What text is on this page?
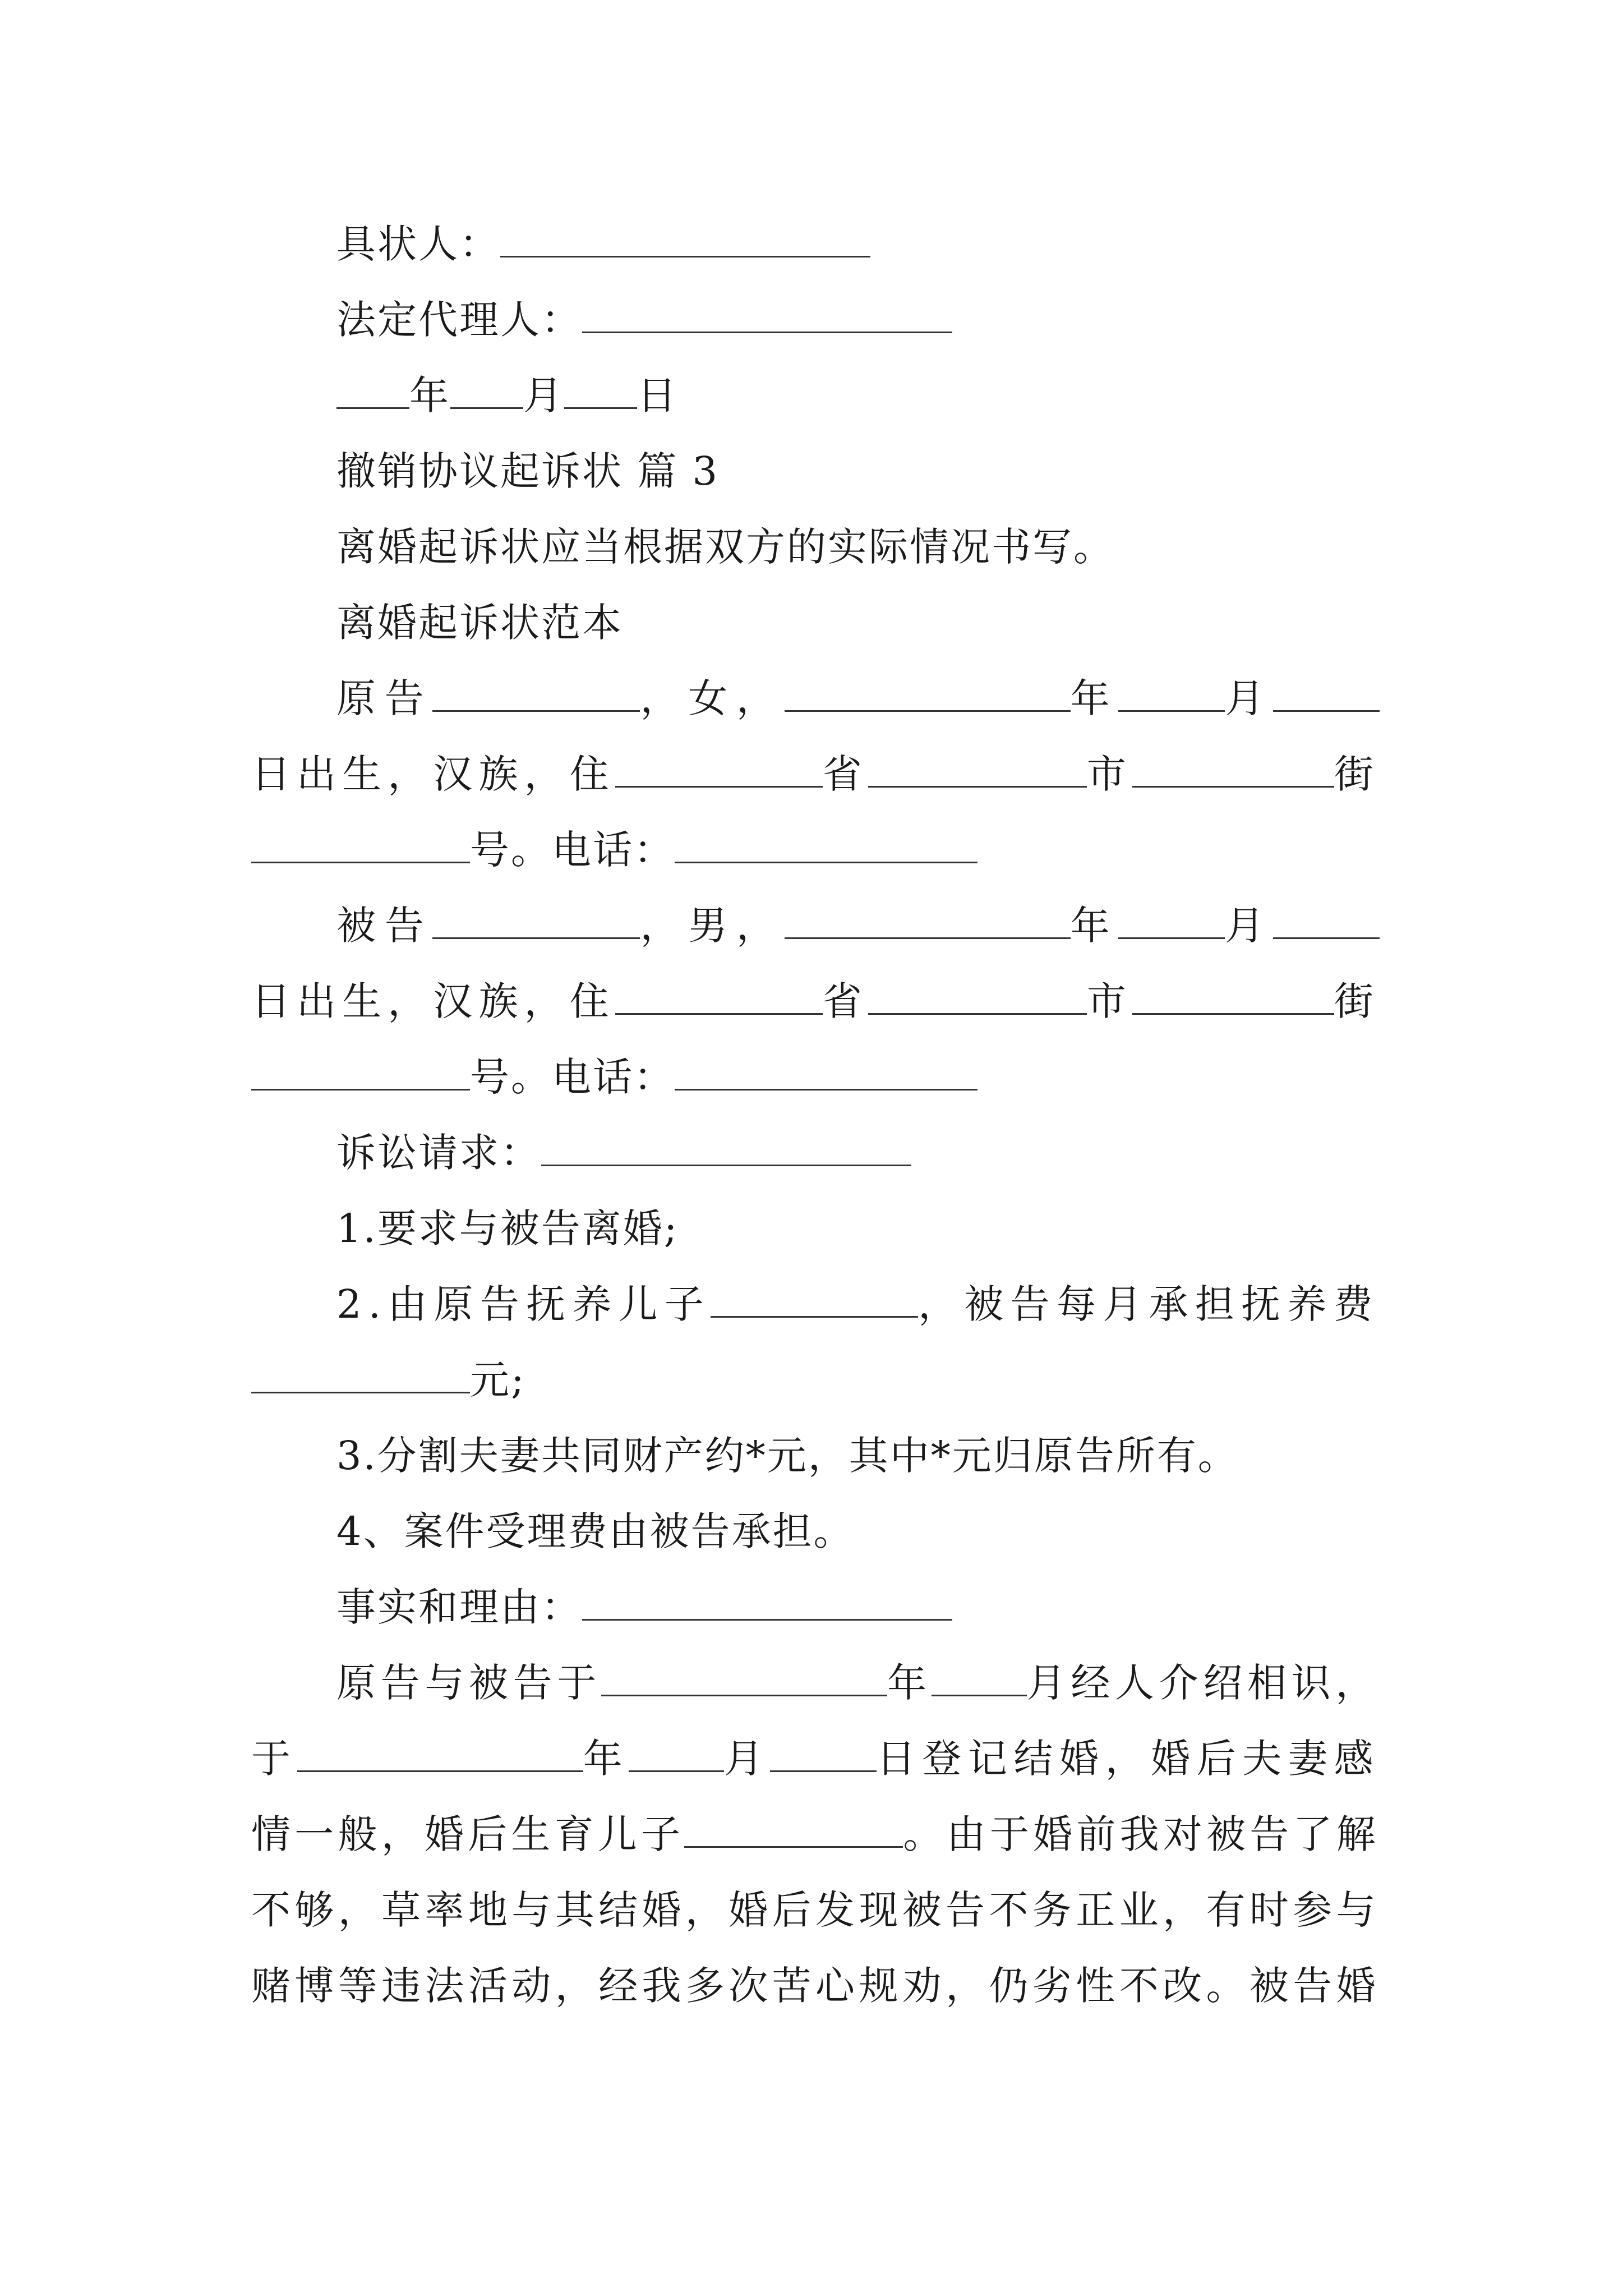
具状人：
法定代理人：
年 月 日
撤销协议起诉状 篇 3
离婚起诉状应当根据双方的实际情况书写。
离婚起诉状范本
原告	，女，	年	月
日出生，汉族，住	省	市	街
号。电话：
被告	，男，	年	月
日出生，汉族，住	省	市	街
号。电话：
诉讼请求：
1.要求与被告离婚;
2.由原告抚养儿子	，被告每月承担抚养费
元;
3.分割夫妻共同财产约*元，其中*元归原告所有。
4、案件受理费由被告承担。
事实和理由：
原告与被告于	年 月经人介绍相识，
于	年 月	日登记结婚，婚后夫妻感
情一般，婚后生育儿子	。由于婚前我对被告了解
不够，草率地与其结婚，婚后发现被告不务正业，有时参与
赌博等违法活动，经我多次苦心规劝，仍劣性不改。被告婚
